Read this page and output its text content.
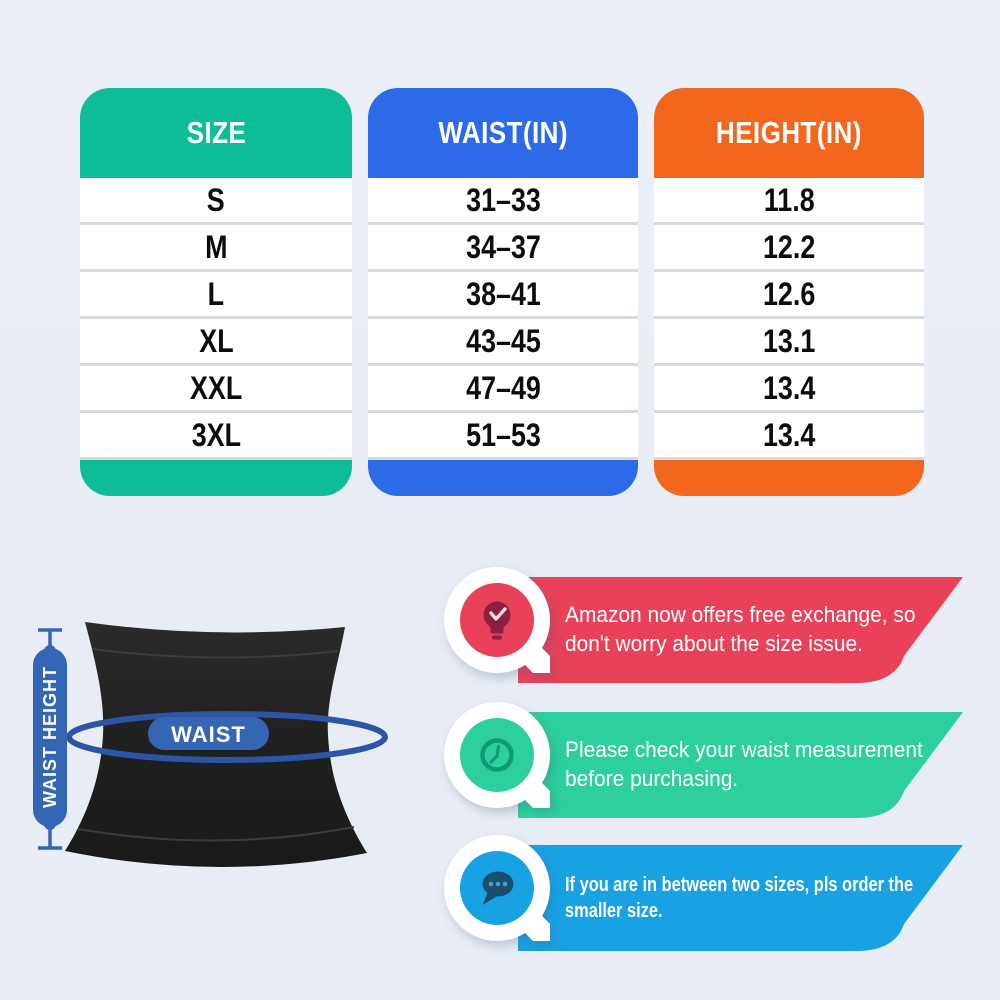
SIZE
S
M
L
XL
XXL
3XL
WAIST(IN)
31–33
34–37
38–41
43–45
47–49
51–53
HEIGHT(IN)
11.8
12.2
12.6
13.1
13.4
13.4
WAIST
WAIST HEIGHT
Amazon now offers free exchange, so don't worry about the size issue.
Please check your waist measurement before purchasing.
If you are in between two sizes, pls order the smaller size.
